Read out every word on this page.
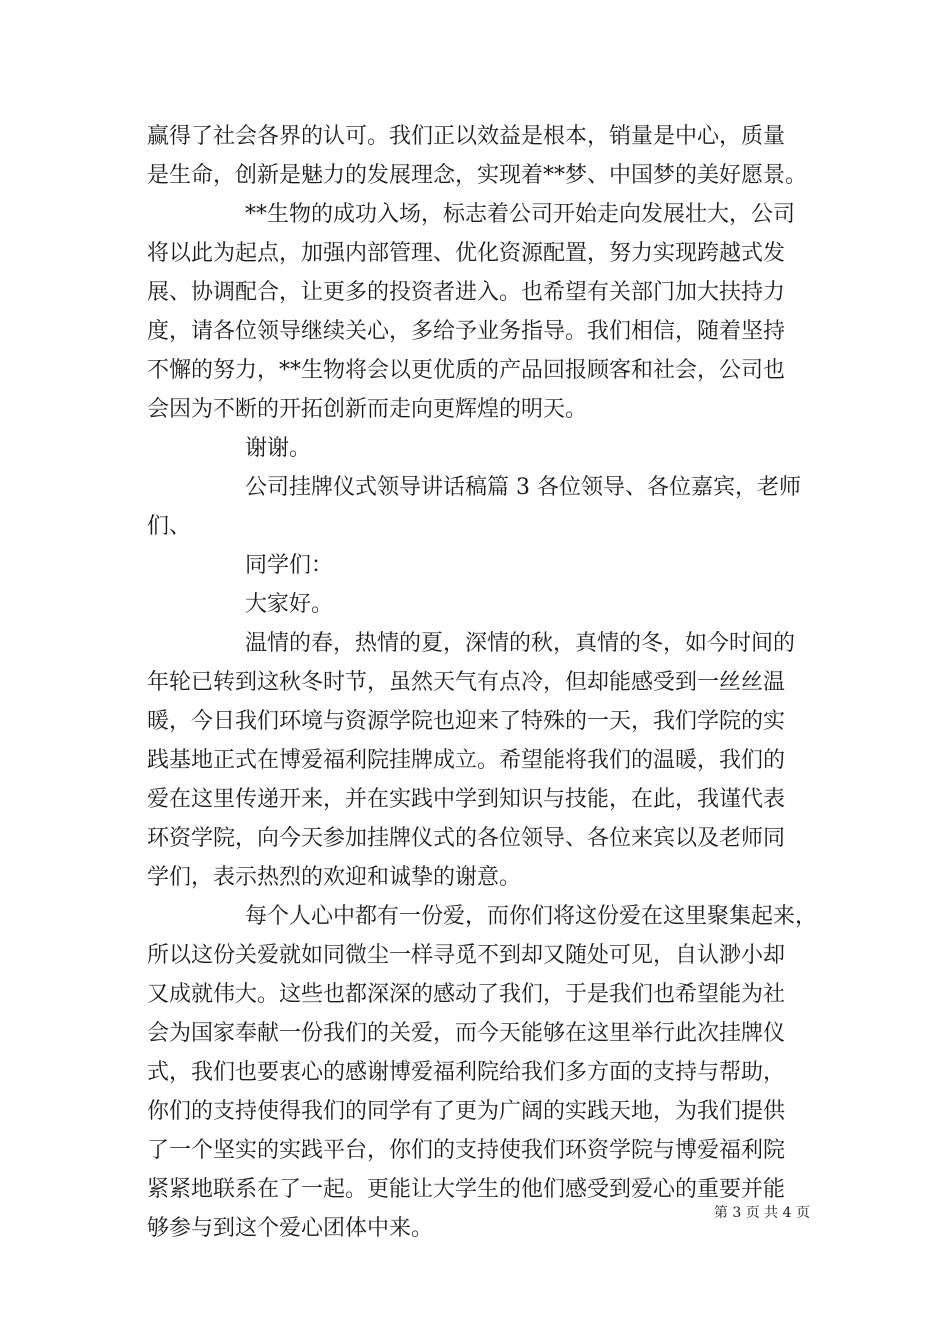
赢得了社会各界的认可。我们正以效益是根本，销量是中心，质量
是生命，创新是魅力的发展理念，实现着**梦、中国梦的美好愿景。
**生物的成功入场，标志着公司开始走向发展壮大，公司
将以此为起点，加强内部管理、优化资源配置，努力实现跨越式发
展、协调配合，让更多的投资者进入。也希望有关部门加大扶持力
度，请各位领导继续关心，多给予业务指导。我们相信，随着坚持
不懈的努力，**生物将会以更优质的产品回报顾客和社会，公司也
会因为不断的开拓创新而走向更辉煌的明天。
谢谢。
公司挂牌仪式领导讲话稿篇 3 各位领导、各位嘉宾，老师
们、
同学们：
大家好。
温情的春，热情的夏，深情的秋，真情的冬，如今时间的
年轮已转到这秋冬时节，虽然天气有点冷，但却能感受到一丝丝温
暖，今日我们环境与资源学院也迎来了特殊的一天，我们学院的实
践基地正式在博爱福利院挂牌成立。希望能将我们的温暖，我们的
爱在这里传递开来，并在实践中学到知识与技能，在此，我谨代表
环资学院，向今天参加挂牌仪式的各位领导、各位来宾以及老师同
学们，表示热烈的欢迎和诚挚的谢意。
每个人心中都有一份爱，而你们将这份爱在这里聚集起来，
所以这份关爱就如同微尘一样寻觅不到却又随处可见，自认渺小却
又成就伟大。这些也都深深的感动了我们，于是我们也希望能为社
会为国家奉献一份我们的关爱，而今天能够在这里举行此次挂牌仪
式，我们也要衷心的感谢博爱福利院给我们多方面的支持与帮助，
你们的支持使得我们的同学有了更为广阔的实践天地，为我们提供
了一个坚实的实践平台，你们的支持使我们环资学院与博爱福利院
紧紧地联系在了一起。更能让大学生的他们感受到爱心的重要并能
够参与到这个爱心团体中来。
第 3 页 共 4 页
